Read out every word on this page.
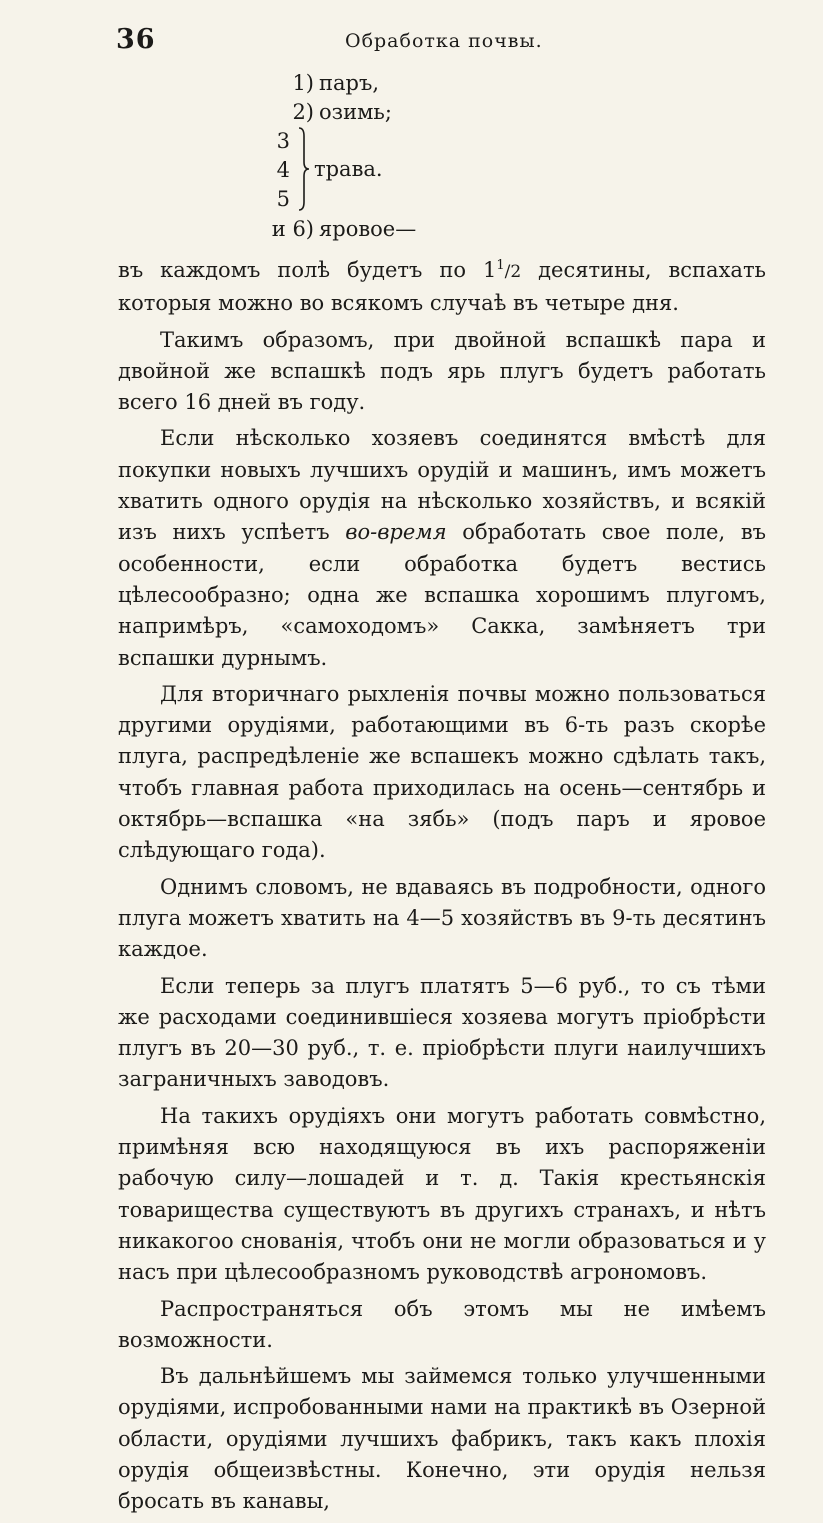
36	Обработка почвы.
1) паръ,
2) озимь;
3
4
5
трава.
и 6) яровое—

въ каждомъ полѣ будетъ по $1^1/2$ десятины, вспахать которыя можно во всякомъ случаѣ въ четыре дня.

Такимъ образомъ, при двойной вспашкѣ пара и двойной же вспашкѣ подъ ярь плугъ будетъ работать всего 16 дней въ году.

Если нѣсколько хозяевъ соединятся вмѣстѣ для покупки новыхъ лучшихъ орудій и машинъ, имъ можетъ хватить одного орудія на нѣсколько хозяйствъ, и всякій изъ нихъ успѣетъ во-время обработать свое поле, въ особенности, если обработка будетъ вестись цѣлесообразно; одна же вспашка хорошимъ плугомъ, напримѣръ, «самоходомъ» Сакка, замѣняетъ три вспашки дурнымъ.

Для вторичнаго рыхленія почвы можно пользоваться другими орудіями, работающими въ 6-ть разъ скорѣе плуга, распредѣленіе же вспашекъ можно сдѣлать такъ, чтобъ главная работа приходилась на осень—сентябрь и октябрь—вспашка «на зябь» (подъ паръ и яровое слѣдующаго года).

Однимъ словомъ, не вдаваясь въ подробности, одного плуга можетъ хватить на 4—5 хозяйствъ въ 9-ть десятинъ каждое.

Если теперь за плугъ платятъ 5—6 руб., то съ тѣми же расходами соединившіеся хозяева могутъ пріобрѣсти плугъ въ 20—30 руб., т. е. пріобрѣсти плуги наилучшихъ заграничныхъ заводовъ.

На такихъ орудіяхъ они могутъ работать совмѣстно, примѣняя всю находящуюся въ ихъ распоряженіи рабочую силу—лошадей и т. д. Такія крестьянскія товарищества существуютъ въ другихъ странахъ, и нѣтъ никакогоо снованія, чтобъ они не могли образоваться и у насъ при цѣлесообразномъ руководствѣ агрономовъ.

Распространяться объ этомъ мы не имѣемъ возможности.

Въ дальнѣйшемъ мы займемся только улучшенными орудіями, испробованными нами на практикѣ въ Озерной области, орудіями лучшихъ фабрикъ, такъ какъ плохія орудія общеизвѣстны. Конечно, эти орудія нельзя бросать въ канавы,
